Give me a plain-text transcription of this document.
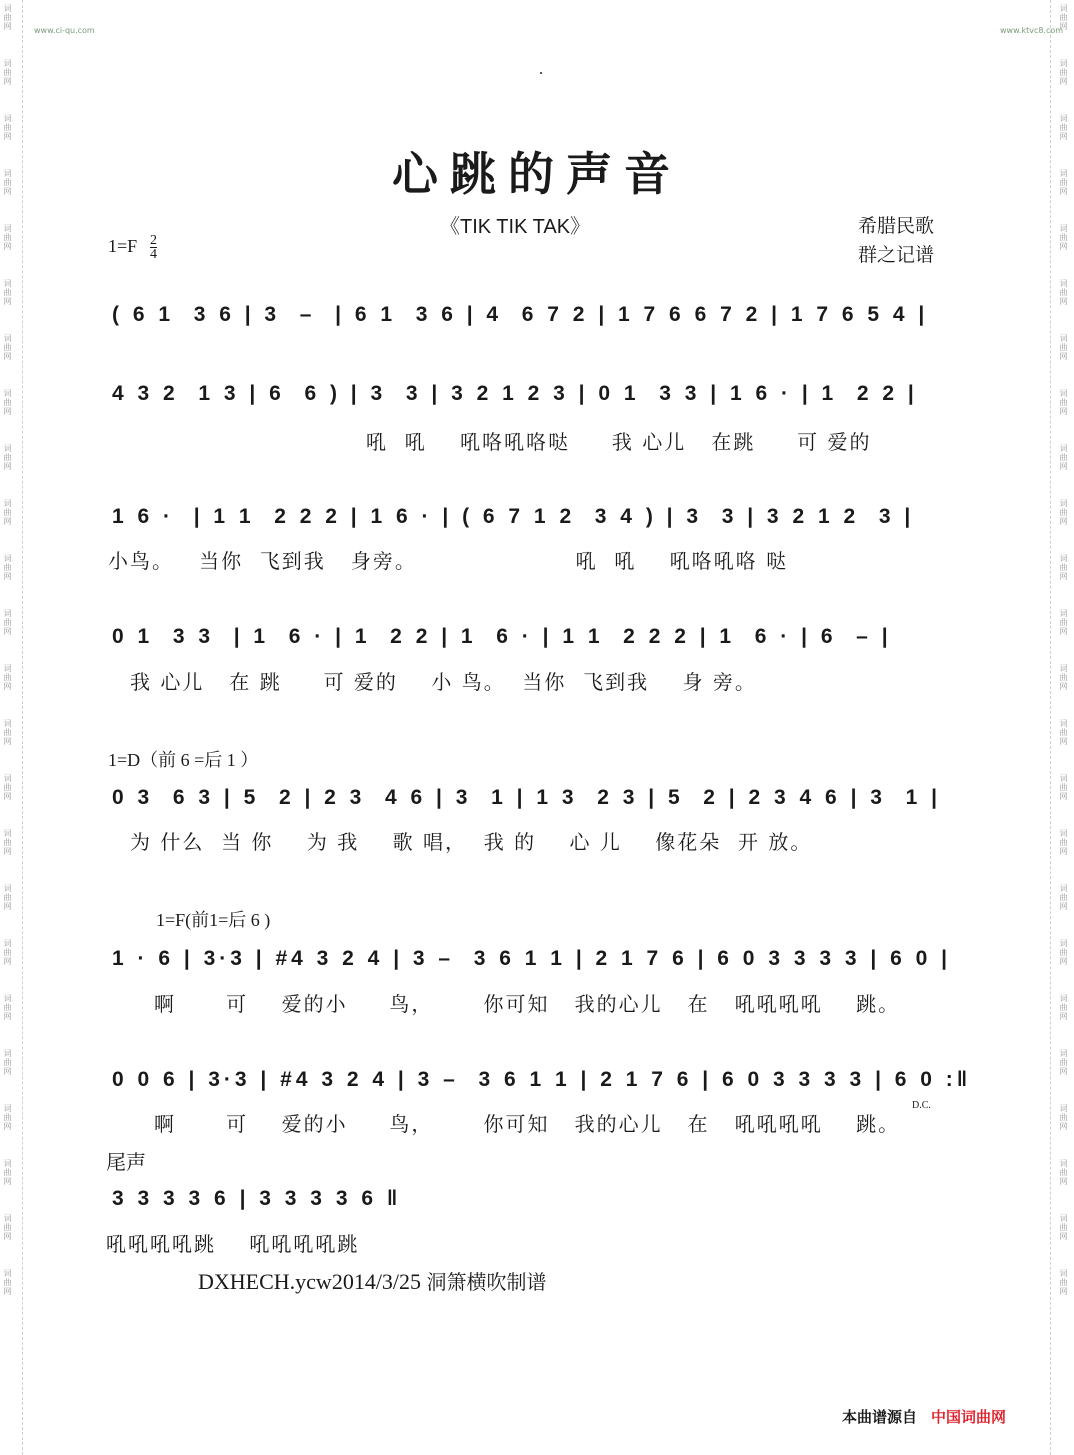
词曲网
词曲网
词曲网
词曲网
词曲网
词曲网
词曲网
词曲网
词曲网
词曲网
词曲网
词曲网
词曲网
词曲网
词曲网
词曲网
词曲网
词曲网
词曲网
词曲网
词曲网
词曲网
词曲网
词曲网
词曲网
词曲网
词曲网
词曲网
词曲网
词曲网
词曲网
词曲网
词曲网
词曲网
词曲网
词曲网
词曲网
词曲网
词曲网
词曲网
词曲网
词曲网
词曲网
词曲网
词曲网
词曲网
词曲网
词曲网
www.ci-qu.com	www.ktvc8.com
心跳的声音
《TIK TIK TAK》	希腊民歌
群之记谱
$1=F \frac{2}{4}$
( 6 1  3 6 | 3  –  | 6 1  3 6 | 4  6 7 2 | 1 7 6 6 7 2 | 1 7 6 5 4 |
4 3 2  1 3 | 6  6 ) | 3  3 | 3 2 1 2 3 | 0 1  3 3 | 1 6 · | 1  2 2 |
吼  吼    吼咯吼咯哒     我 心儿   在跳     可 爱的
1 6 ·  | 1 1  2 2 2 | 1 6 · | ( 6 7 1 2  3 4 ) | 3  3 | 3 2 1 2  3 |
小鸟。   当你  飞到我   身旁。                   吼  吼    吼咯吼咯 哒
0 1  3 3  | 1  6 · | 1  2 2 | 1  6 · | 1 1  2 2 2 | 1  6 · | 6  – |
我 心儿   在 跳     可 爱的    小 鸟。  当你  飞到我    身 旁。
1=D（前 6 =后 1 ）
0 3  6 3 | 5  2 | 2 3  4 6 | 3  1 | 1 3  2 3 | 5  2 | 2 3 4 6 | 3  1 |
为 什么  当 你    为 我    歌 唱，  我 的    心 儿    像花朵  开 放。
1=F(前1=后 6 )
1 · 6 | 3·3 | #4 3 2 4 | 3 –  3 6 1 1 | 2 1 7 6 | 6 0 3 3 3 3 | 6 0 |
啊      可    爱的小     鸟，      你可知   我的心儿   在   吼吼吼吼    跳。
0 0 6 | 3·3 | #4 3 2 4 | 3 –  3 6 1 1 | 2 1 7 6 | 6 0 3 3 3 3 | 6 0 :‖
D.C.
啊      可    爱的小     鸟，      你可知   我的心儿   在   吼吼吼吼    跳。
尾声
3 3 3 3 6 | 3 3 3 3 6 ‖
吼吼吼吼跳    吼吼吼吼跳
DXHECH.ycw2014/3/25 洞箫横吹制谱
本曲谱源自 中国词曲网
